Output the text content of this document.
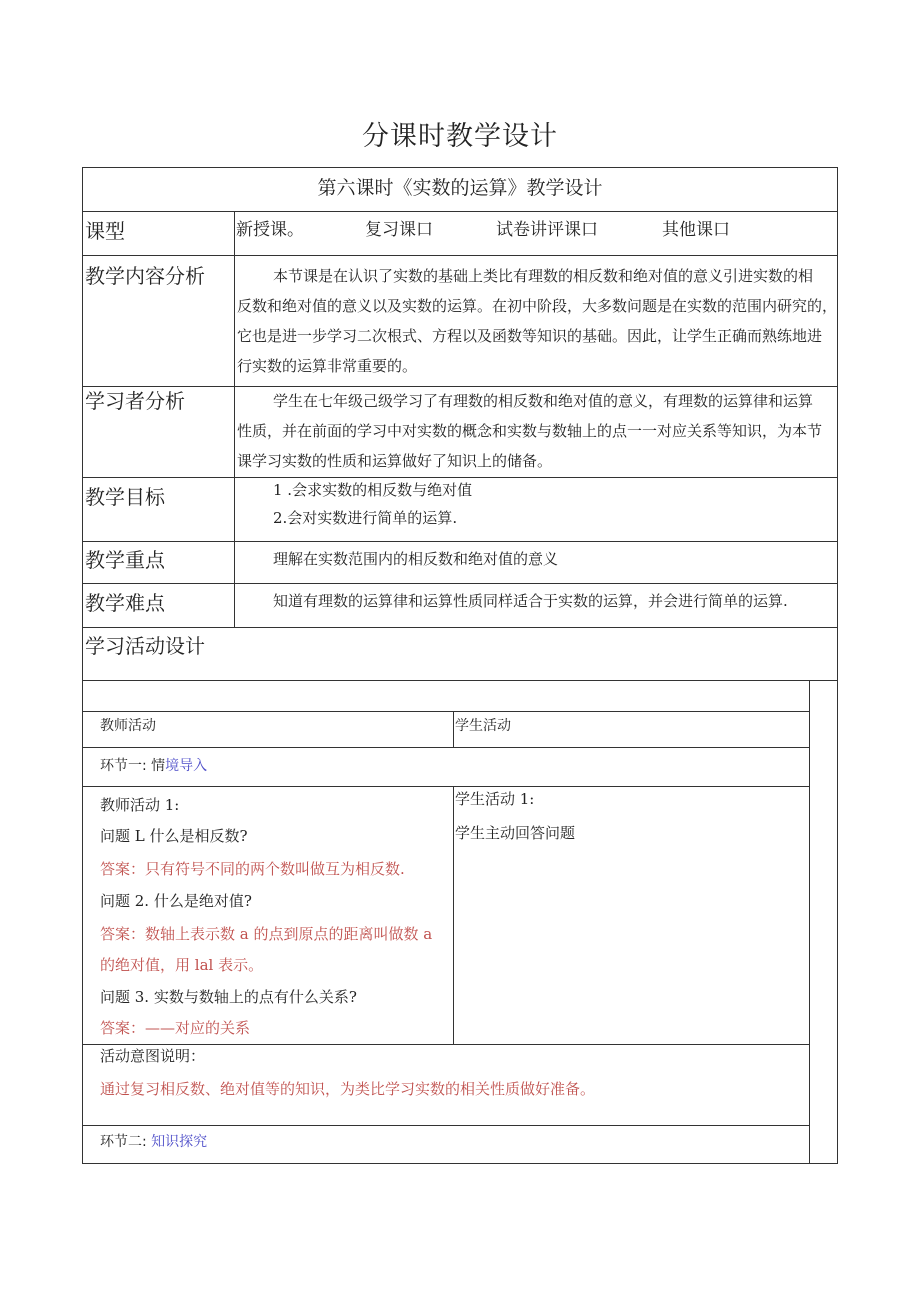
分课时教学设计
第六课时《实数的运算》教学设计
课型	新授课。	复习课口	试卷讲评课口	其他课口
教学内容分析	本节课是在认识了实数的基础上类比有理数的相反数和绝对值的意义引进实数的相
反数和绝对值的意义以及实数的运算。在初中阶段，大多数问题是在实数的范围内研究的，
它也是进一步学习二次根式、方程以及函数等知识的基础。因此，让学生正确而熟练地进
行实数的运算非常重要的。
学习者分析	学生在七年级己级学习了有理数的相反数和绝对值的意义，有理数的运算律和运算
性质，并在前面的学习中对实数的概念和实数与数轴上的点一一对应关系等知识，为本节
课学习实数的性质和运算做好了知识上的储备。
教学目标	1 .会求实数的相反数与绝对值
2.会对实数进行简单的运算.
教学重点	理解在实数范围内的相反数和绝对值的意义
教学难点	知道有理数的运算律和运算性质同样适合于实数的运算，并会进行简单的运算.
学习活动设计
教师活动	学生活动
环节一: 情境导入
教师活动 1:
问题 L 什么是相反数?
答案：只有符号不同的两个数叫做互为相反数.
问题 2. 什么是绝对值?
答案：数轴上表示数 a 的点到原点的距离叫做数 a
的绝对值，用 lal 表示。
问题 3. 实数与数轴上的点有什么关系?
答案：——对应的关系
学生活动 1:
学生主动回答问题
活动意图说明：
通过复习相反数、绝对值等的知识，为类比学习实数的相关性质做好准备。
环节二: 知识探究
